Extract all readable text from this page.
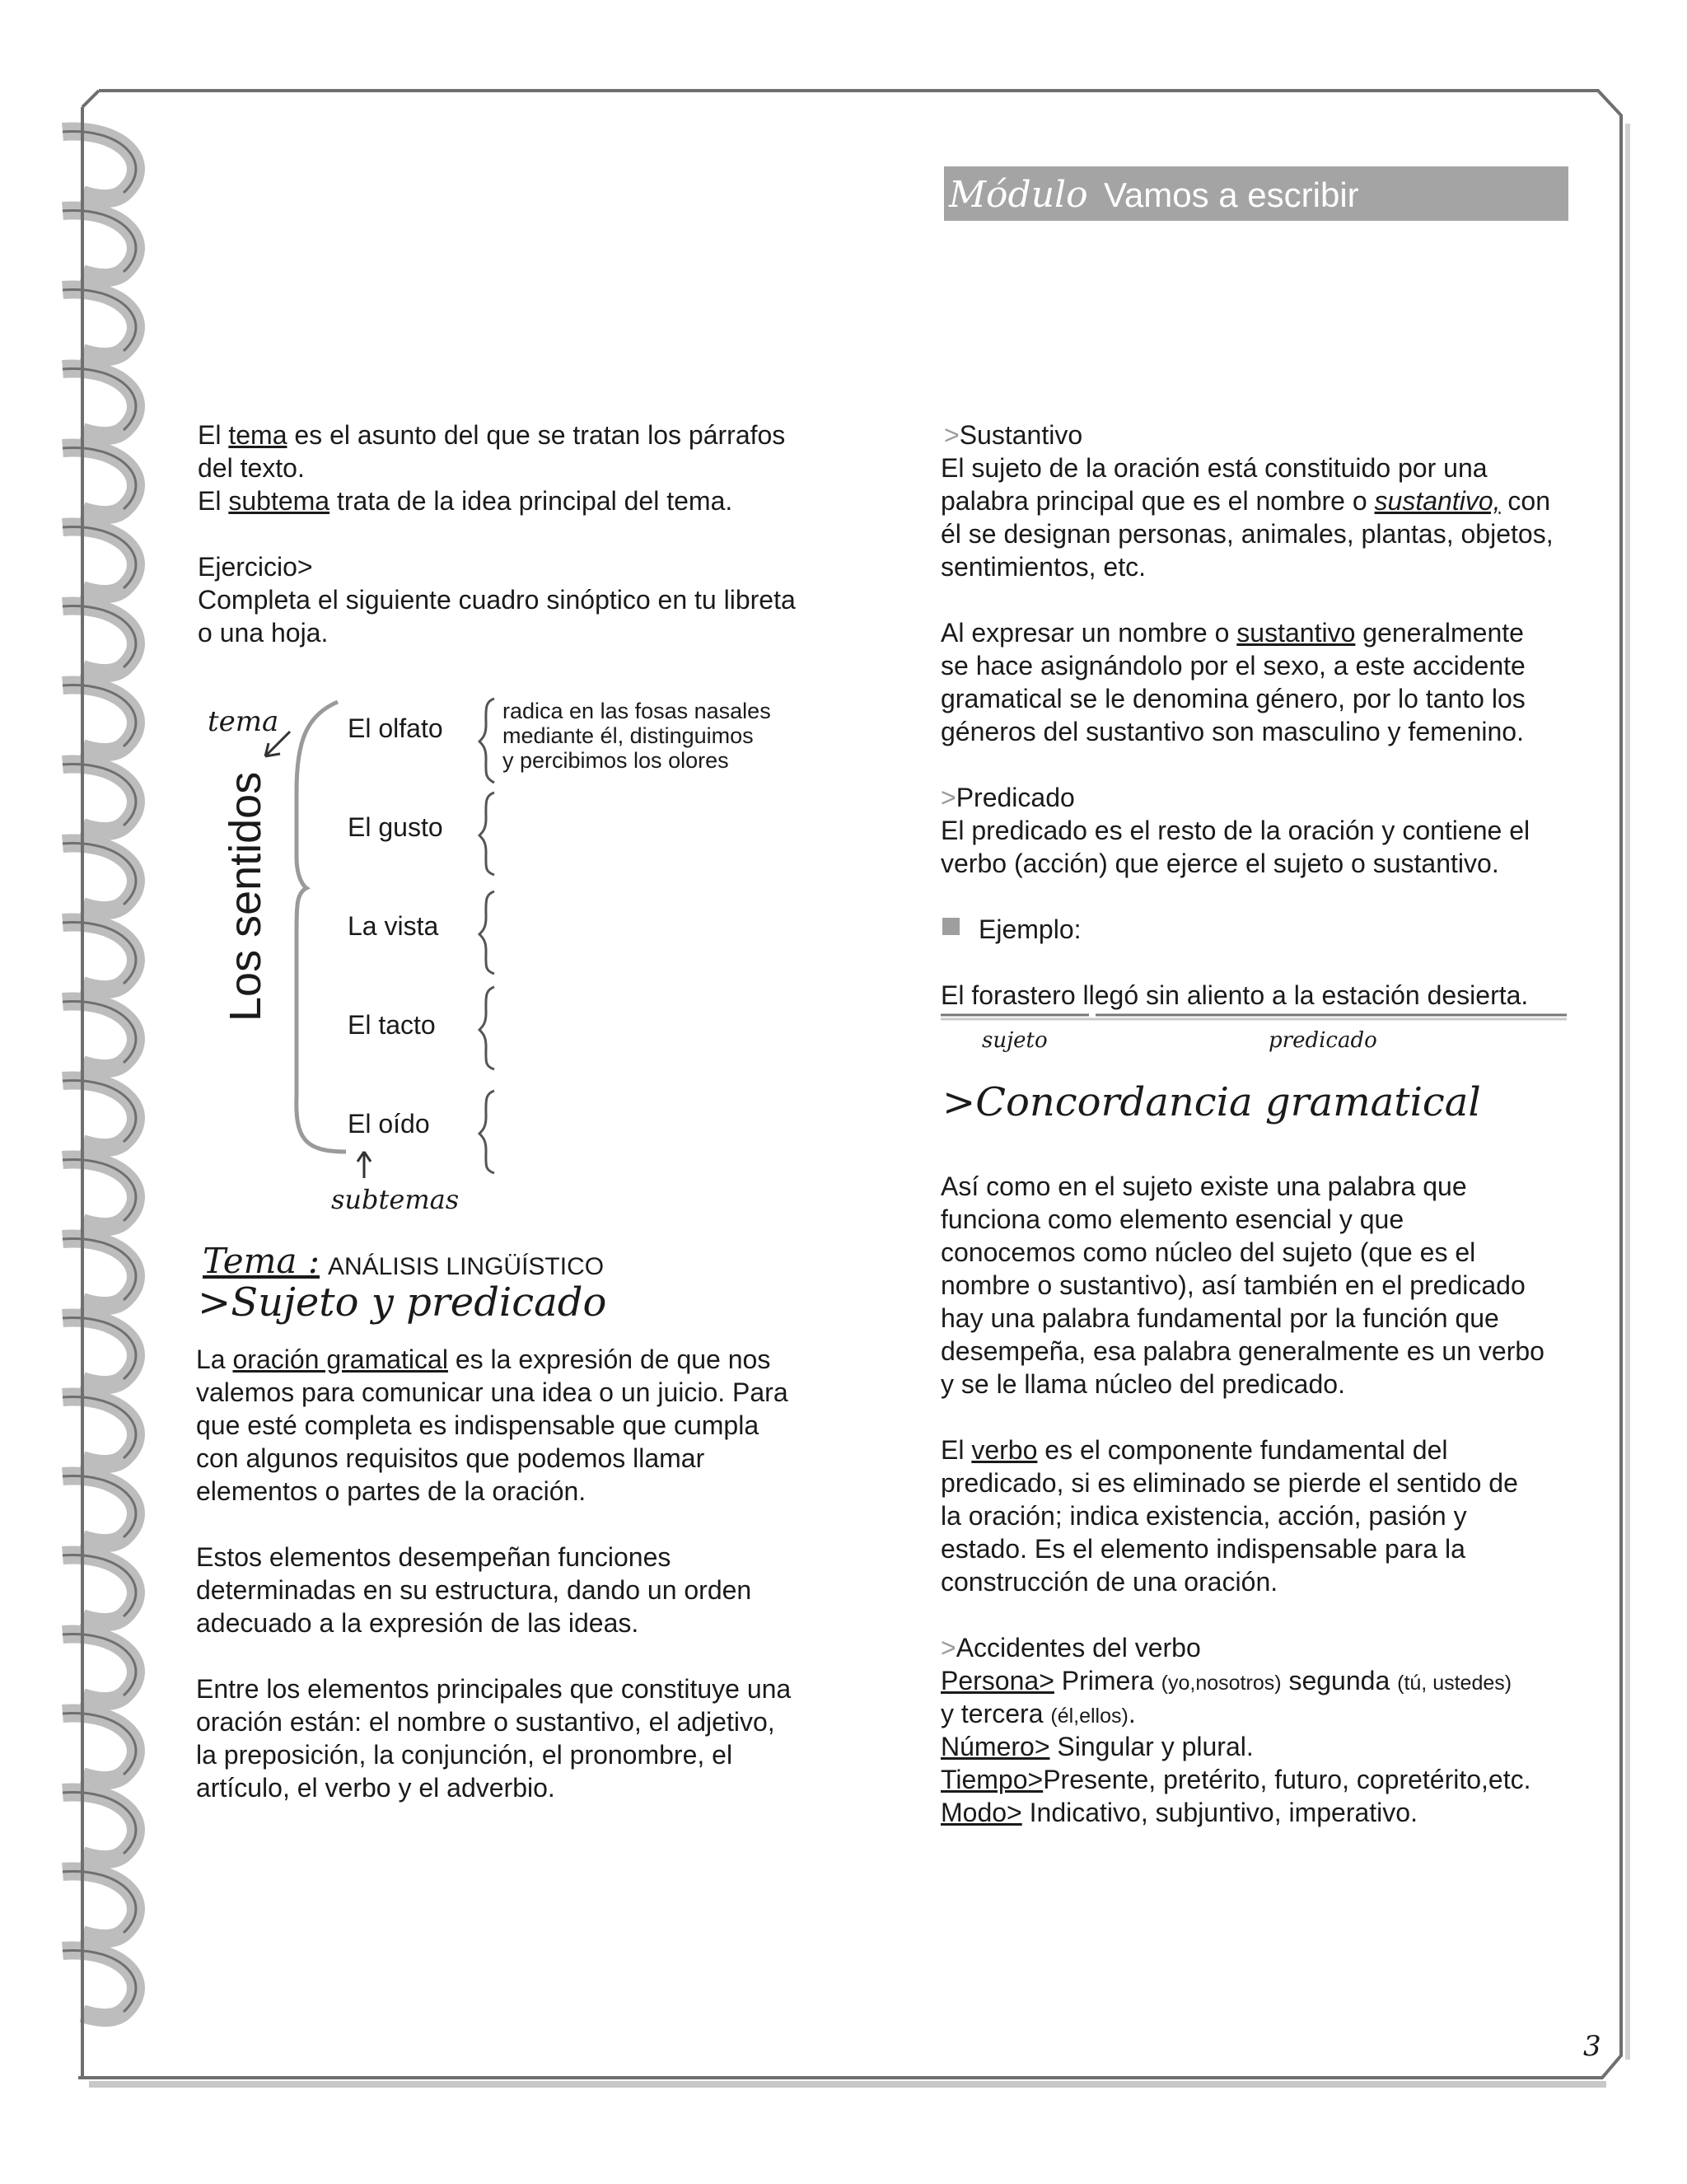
Módulo Vamos a escribir

El tema es el asunto del que se tratan los párrafos

del texto.

El subtema trata de la idea principal del tema.

Ejercicio>

Completa el siguiente cuadro sinóptico en tu libreta

o una hoja.

Los sentidos
tema
subtemas
El olfato
El gusto
La vista
El tacto
El oído
radica en las fosas nasales
mediante él, distinguimos
y percibimos los olores
Tema : ANÁLISIS LINGÜÍSTICO
>Sujeto y predicado

La oración gramatical es la expresión de que nos

valemos para comunicar una idea o un juicio. Para

que esté completa es indispensable que cumpla

con algunos requisitos que podemos llamar

elementos o partes de la oración.

Estos elementos desempeñan funciones

determinadas en su estructura, dando un orden

adecuado a la expresión de las ideas.

Entre los elementos principales que constituye una

oración están: el nombre o sustantivo, el adjetivo,

la preposición, la conjunción, el pronombre, el

artículo, el verbo y el adverbio.

>Sustantivo

El sujeto de la oración está constituido por una

palabra principal que es el nombre o sustantivo, con

él se designan personas, animales, plantas, objetos,

sentimientos, etc.

Al expresar un nombre o sustantivo generalmente

se hace asignándolo por el sexo, a este accidente

gramatical se le denomina género, por lo tanto los

géneros del sustantivo son masculino y femenino.

>Predicado

El predicado es el resto de la oración y contiene el

verbo (acción) que ejerce el sujeto o sustantivo.

Ejemplo:

El forastero llegó sin aliento a la estación desierta.

sujeto	predicado

>Concordancia gramatical

Así como en el sujeto existe una palabra que

funciona como elemento esencial y que

conocemos como núcleo del sujeto (que es el

nombre o sustantivo), así también en el predicado

hay una palabra fundamental por la función que

desempeña, esa palabra generalmente es un verbo

y se le llama núcleo del predicado.

El verbo es el componente fundamental del

predicado, si es eliminado se pierde el sentido de

la oración; indica existencia, acción, pasión y

estado. Es el elemento indispensable para la

construcción de una oración.

>Accidentes del verbo

Persona> Primera (yo,nosotros) segunda (tú, ustedes)

y tercera (él,ellos).

Número> Singular y plural.

Tiempo>Presente, pretérito, futuro, copretérito,etc.

Modo> Indicativo, subjuntivo, imperativo.

3
